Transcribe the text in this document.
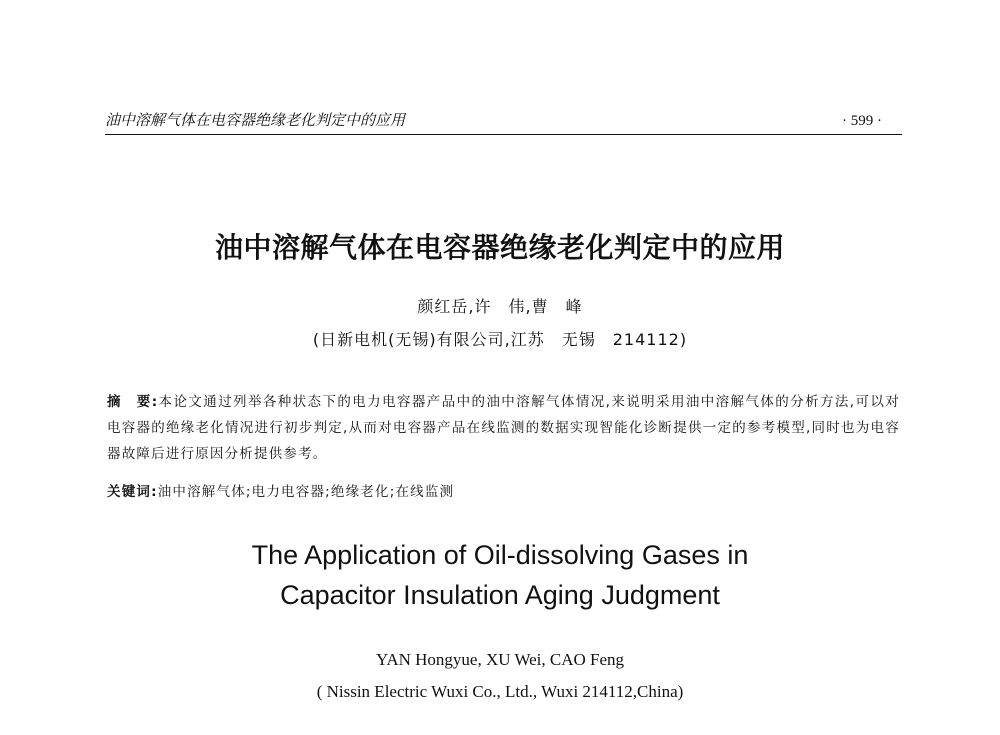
油中溶解气体在电容器绝缘老化判定中的应用	· 599 ·
油中溶解气体在电容器绝缘老化判定中的应用
颜红岳,许　伟,曹　峰
(日新电机(无锡)有限公司,江苏　无锡　214112)
摘　要:本论文通过列举各种状态下的电力电容器产品中的油中溶解气体情况,来说明采用油中溶解气体的分析方法,可以对电容器的绝缘老化情况进行初步判定,从而对电容器产品在线监测的数据实现智能化诊断提供一定的参考模型,同时也为电容器故障后进行原因分析提供参考。
关键词:油中溶解气体;电力电容器;绝缘老化;在线监测
The Application of Oil-dissolving Gases in
Capacitor Insulation Aging Judgment
YAN Hongyue, XU Wei, CAO Feng
( Nissin Electric Wuxi Co., Ltd., Wuxi 214112,China)
